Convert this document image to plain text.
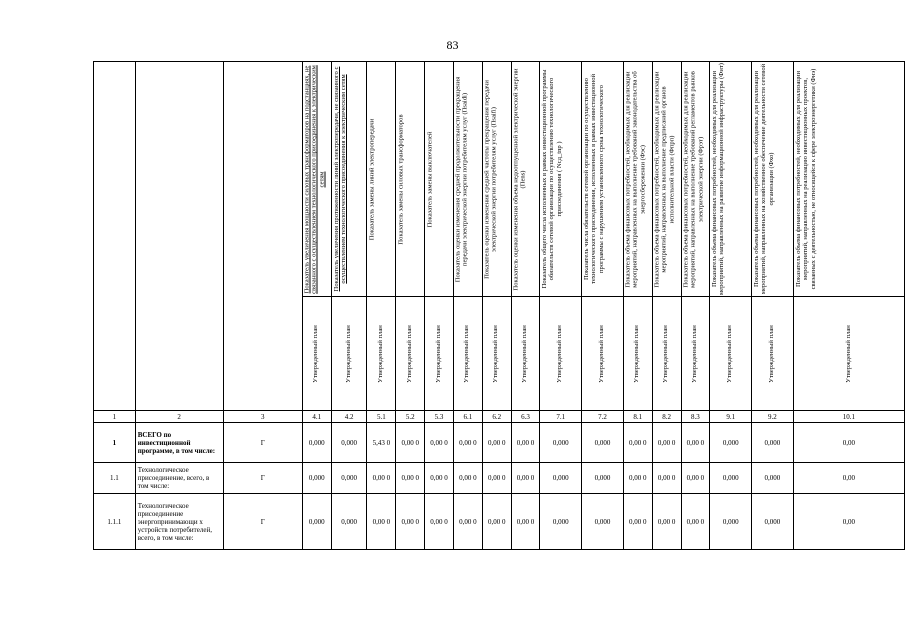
83

			Показатель увеличения мощности силовых трансформаторов на подстанциях, не связанного с осуществлением технологического присоединения к электрическим сетям	Показатель увеличения протяженности линий электропередачи, не связанного с осуществлением технологического присоединения к электрическим сетям	Показатель замены линий электропередачи	Показатель замены силовых трансформаторов	Показатель замены выключателей	Показатель оценки изменения средней продолжительности прекращения передачи электрической энергии потребителям услуг (Пsaidi)	Показатель оценки изменения средней частоты прекращения передачи электрической энергии потребителям услуг (Пsaifi)	Показатель оценки изменения объема недоотпущенной электрической энергии (Пens)	Показатель общего числа исполненных в рамках инвестиционной программы обязательств сетевой организации по осуществлению технологического присоединения ( Nсд_tnp )	Показатель числа обязательств сетевой организации по осуществлению технологического присоединения, исполненных в рамках инвестиционной программы с нарушением установленного срока технологического	Показатель объема финансовых потребностей, необходимых для реализации мероприятий, направленных на выполнение требований законодательства об энергосбережении (Фэс)	Показатель объема финансовых потребностей, необходимых для реализации мероприятий, направленных на выполнение предписаний органов исполнительной власти (Фпрп)	Показатель объема финансовых потребностей, необходимых для реализации мероприятий, направленных на выполнение требований регламентов рынков электрической энергии (Фрэт)	Показатель объема финансовых потребностей, необходимых для реализации мероприятий, направленных на развитие информационной инфраструктуры (Фит)	Показатель объема финансовых потребностей, необходимых для реализации мероприятий, направленных на хозяйственное обеспечение деятельности сетевой организации (Фхо)	Показатель объема финансовых потребностей, необходимых для реализации мероприятий, направленных на реализацию инвестиционных проектов, связанных с деятельностью, не относящейся к сфере электроэнергетики (Фнэ)

			Утвержденный план	Утвержденный план	Утвержденный план	Утвержденный план	Утвержденный план	Утвержденный план	Утвержденный план	Утвержденный план	Утвержденный план	Утвержденный план	Утвержденный план	Утвержденный план	Утвержденный план	Утвержденный план	Утвержденный план	Утвержденный план

1	2	3	4.1	4.2	5.1	5.2	5.3	6.1	6.2	6.3	7.1	7.2	8.1	8.2	8.3	9.1	9.2	10.1
1	ВСЕГО по инвестиционной программе, в том числе:	Г	0,000	0,000	5,43 0	0,00 0	0,00 0	0,00 0	0,00 0	0,00 0	0,000	0,000	0,00 0	0,00 0	0,00 0	0,000	0,000	0,00
1.1	Технологическое присоединение, всего, в том числе:	Г	0,000	0,000	0,00 0	0,00 0	0,00 0	0,00 0	0,00 0	0,00 0	0,000	0,000	0,00 0	0,00 0	0,00 0	0,000	0,000	0,00
1.1.1	Технологическое присоединение энергопринимающи х устройств потребителей, всего, в том числе:	Г	0,000	0,000	0,00 0	0,00 0	0,00 0	0,00 0	0,00 0	0,00 0	0,000	0,000	0,00 0	0,00 0	0,00 0	0,000	0,000	0,00
